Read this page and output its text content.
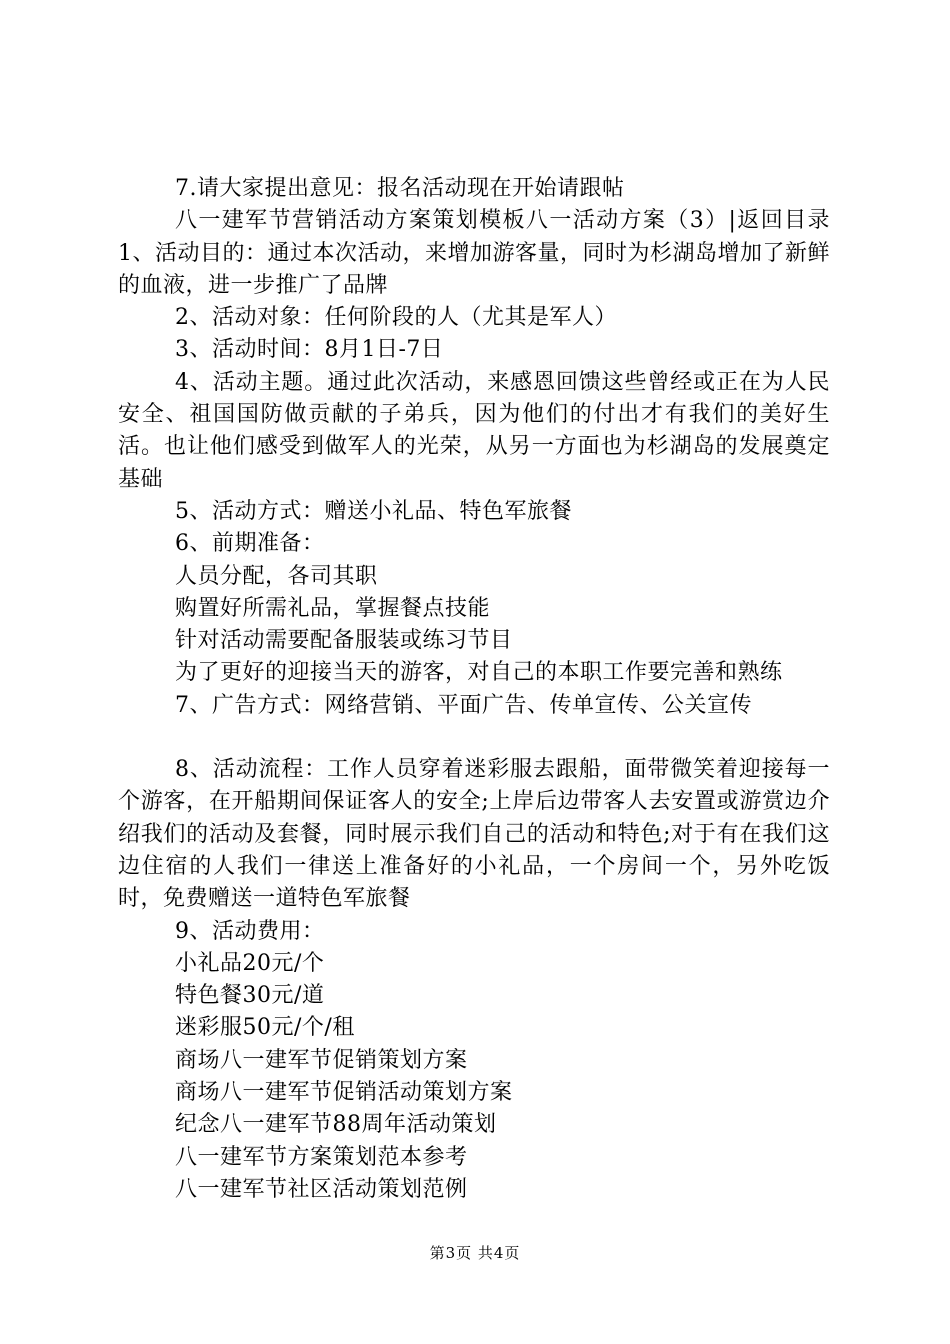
7.请大家提出意见：报名活动现在开始请跟帖

八一建军节营销活动方案策划模板八一活动方案（3）|返回目录1、活动目的：通过本次活动，来增加游客量，同时为杉湖岛增加了新鲜的血液，进一步推广了品牌

2、活动对象：任何阶段的人（尤其是军人）

3、活动时间：8月1日-7日

4、活动主题。通过此次活动，来感恩回馈这些曾经或正在为人民安全、祖国国防做贡献的子弟兵，因为他们的付出才有我们的美好生活。也让他们感受到做军人的光荣，从另一方面也为杉湖岛的发展奠定基础

5、活动方式：赠送小礼品、特色军旅餐

6、前期准备：

人员分配，各司其职

购置好所需礼品，掌握餐点技能

针对活动需要配备服装或练习节目

为了更好的迎接当天的游客，对自己的本职工作要完善和熟练

7、广告方式：网络营销、平面广告、传单宣传、公关宣传

8、活动流程：工作人员穿着迷彩服去跟船，面带微笑着迎接每一个游客，在开船期间保证客人的安全;上岸后边带客人去安置或游赏边介绍我们的活动及套餐，同时展示我们自己的活动和特色;对于有在我们这边住宿的人我们一律送上准备好的小礼品，一个房间一个，另外吃饭时，免费赠送一道特色军旅餐

9、活动费用：

小礼品20元/个

特色餐30元/道

迷彩服50元/个/租

商场八一建军节促销策划方案

商场八一建军节促销活动策划方案

纪念八一建军节88周年活动策划

八一建军节方案策划范本参考

八一建军节社区活动策划范例

第3页 共4页
